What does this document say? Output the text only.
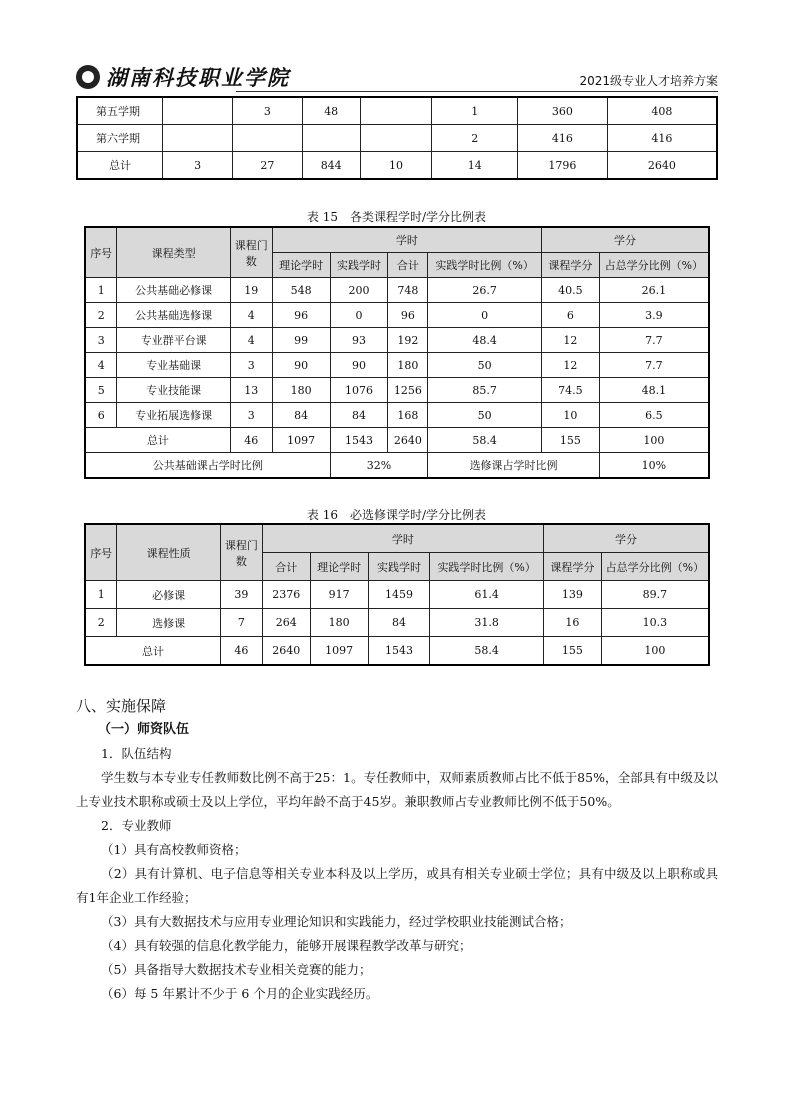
湖南科技职业学院	2021级专业人才培养方案
第五学期		3	48		1	360	408
第六学期					2	416	416
总计	3	27	844	10	14	1796	2640
表 15　各类课程学时/学分比例表
序号	课程类型	课程门数	学时				学分	
			理论学时	实践学时	合计	实践学时比例（%）	课程学分	占总学分比例（%）
1	公共基础必修课	19	548	200	748	26.7	40.5	26.1
2	公共基础选修课	4	96	0	96	0	6	3.9
3	专业群平台课	4	99	93	192	48.4	12	7.7
4	专业基础课	3	90	90	180	50	12	7.7
5	专业技能课	13	180	1076	1256	85.7	74.5	48.1
6	专业拓展选修课	3	84	84	168	50	10	6.5
总计		46	1097	1543	2640	58.4	155	100
公共基础课占学时比例				32%		选修课占学时比例		10%
表 16　必选修课学时/学分比例表
序号	课程性质	课程门数	学时				学分	
			合计	理论学时	实践学时	实践学时比例（%）	课程学分	占总学分比例（%）
1	必修课	39	2376	917	1459	61.4	139	89.7
2	选修课	7	264	180	84	31.8	16	10.3
总计		46	2640	1097	1543	58.4	155	100
八、实施保障
（一）师资队伍
1．队伍结构
学生数与本专业专任教师数比例不高于25：1。专任教师中，双师素质教师占比不低于85%，全部具有中级及以上专业技术职称或硕士及以上学位，平均年龄不高于45岁。兼职教师占专业教师比例不低于50%。
2．专业教师
（1）具有高校教师资格；
（2）具有计算机、电子信息等相关专业本科及以上学历，或具有相关专业硕士学位；具有中级及以上职称或具有1年企业工作经验；
（3）具有大数据技术与应用专业理论知识和实践能力，经过学校职业技能测试合格；
（4）具有较强的信息化教学能力，能够开展课程教学改革与研究；
（5）具备指导大数据技术专业相关竞赛的能力；
（6）每 5 年累计不少于 6 个月的企业实践经历。
